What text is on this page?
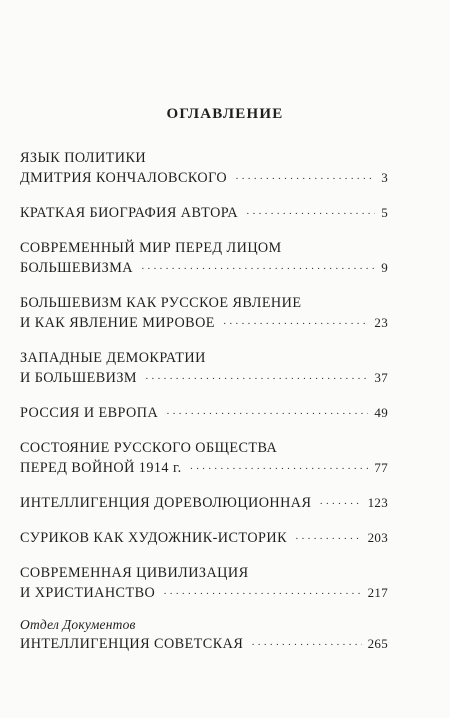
ОГЛАВЛЕНИЕ
ЯЗЫК ПОЛИТИКИ
ДМИТРИЯ КОНЧАЛОВСКОГО ·····	3
КРАТКАЯ БИОГРАФИЯ АВТОРА ·····	5
СОВРЕМЕННЫЙ МИР ПЕРЕД ЛИЦОМ
БОЛЬШЕВИЗМА ·····	9
БОЛЬШЕВИЗМ КАК РУССКОЕ ЯВЛЕНИЕ
И КАК ЯВЛЕНИЕ МИРОВОЕ ·····	23
ЗАПАДНЫЕ ДЕМОКРАТИИ
И БОЛЬШЕВИЗМ ·····	37
РОССИЯ И ЕВРОПА ·····	49
СОСТОЯНИЕ РУССКОГО ОБЩЕСТВА
ПЕРЕД ВОЙНОЙ 1914 г. ·····	77
ИНТЕЛЛИГЕНЦИЯ ДОРЕВОЛЮЦИОННАЯ ·····	123
СУРИКОВ КАК ХУДОЖНИК-ИСТОРИК ·····	203
СОВРЕМЕННАЯ ЦИВИЛИЗАЦИЯ
И ХРИСТИАНСТВО ·····	217
Отдел Документов
ИНТЕЛЛИГЕНЦИЯ СОВЕТСКАЯ ·····	265
